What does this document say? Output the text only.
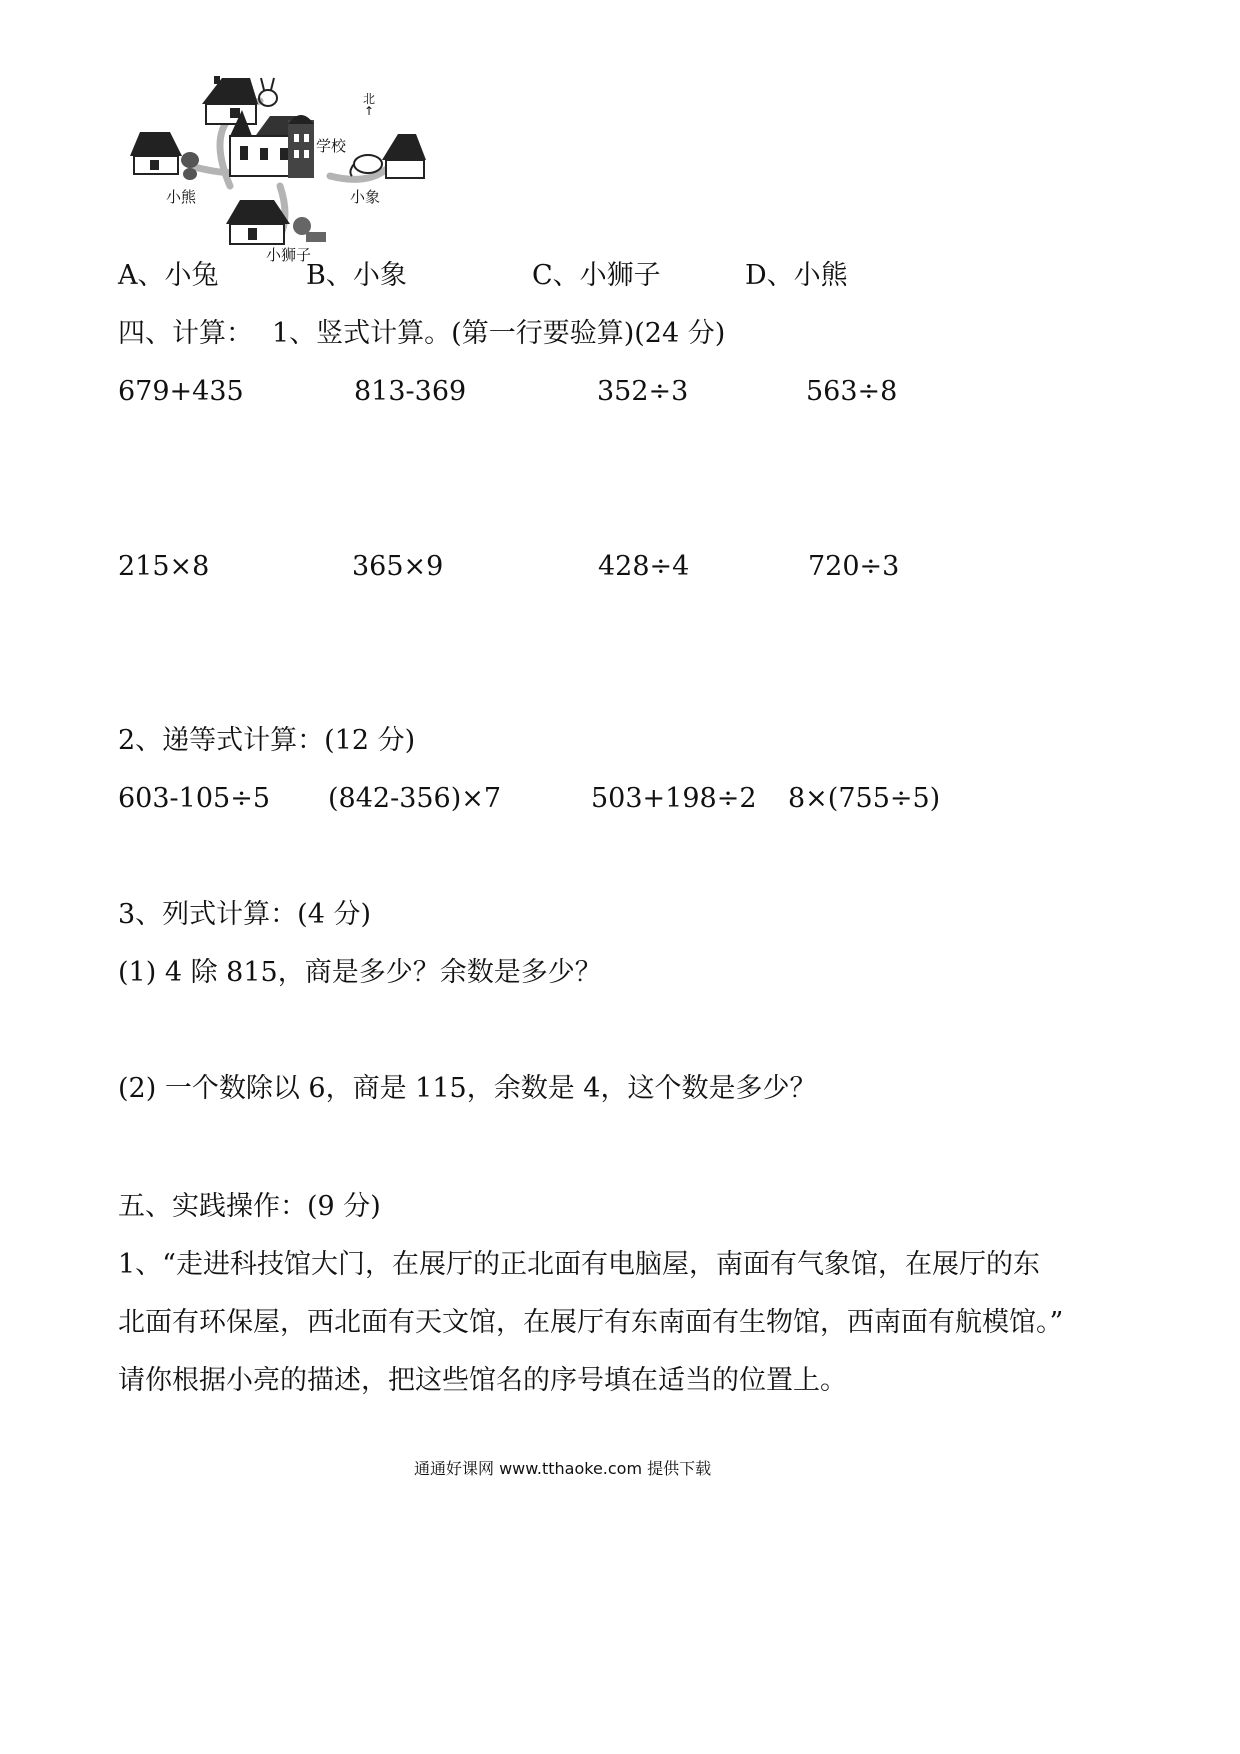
北
↑
学校
小熊	小象
小狮子
A、小兔	B、小象	C、小狮子	D、小熊
四、计算： 1、竖式计算。(第一行要验算)(24 分)
679+435	813-369	352÷3	563÷8
215×8	365×9	428÷4	720÷3
2、递等式计算：(12 分)
603-105÷5 (842-356)×7	503+198÷2 8×(755÷5)
3、列式计算：(4 分)
(1) 4 除 815，商是多少？余数是多少？
(2) 一个数除以 6，商是 115，余数是 4，这个数是多少？
五、实践操作：(9 分)
1、“走进科技馆大门，在展厅的正北面有电脑屋，南面有气象馆，在展厅的东
北面有环保屋，西北面有天文馆，在展厅有东南面有生物馆，西南面有航模馆。”
请你根据小亮的描述，把这些馆名的序号填在适当的位置上。
通通好课网 www.tthaoke.com 提供下载
